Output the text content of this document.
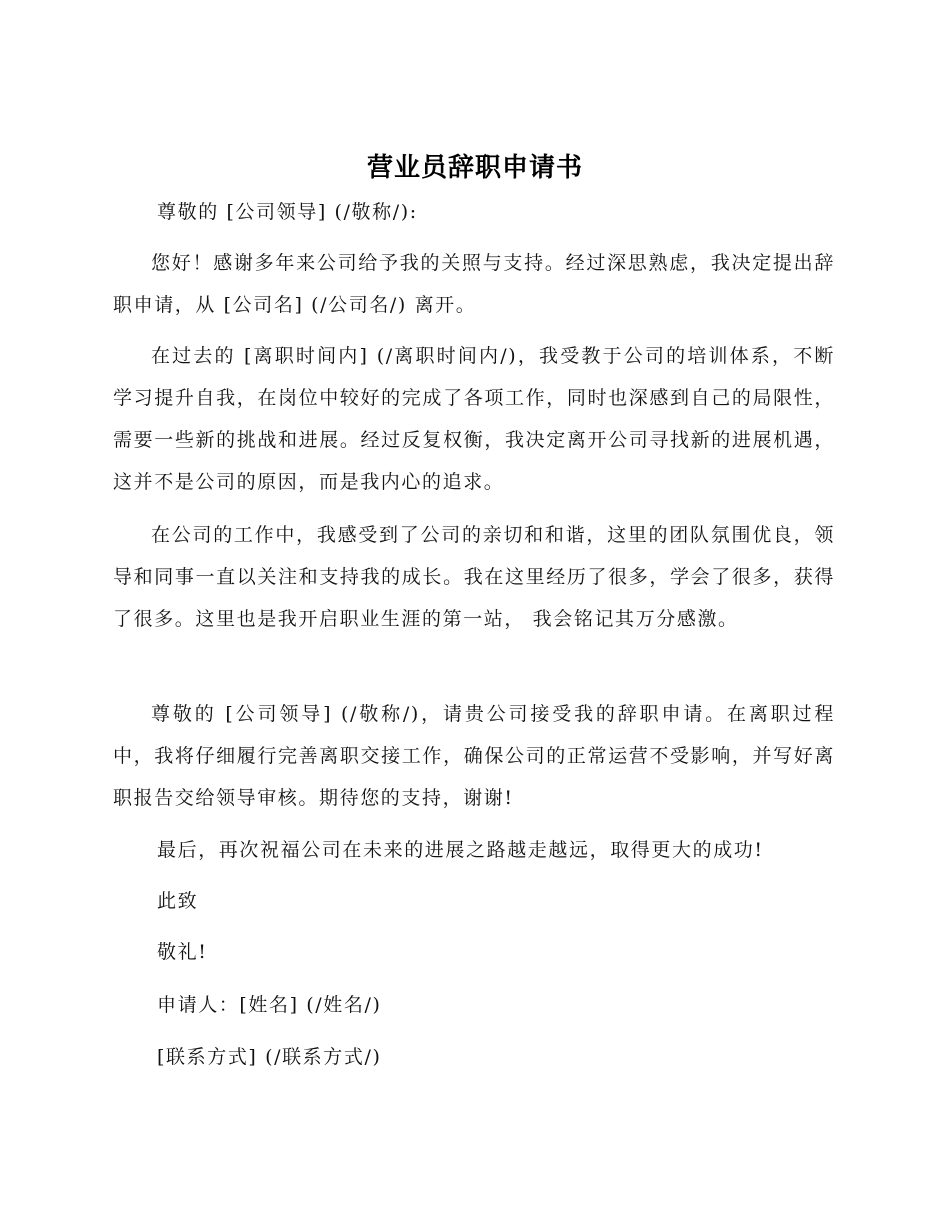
营业员辞职申请书

尊敬的 [公司领导] (/敬称/):

您好！感谢多年来公司给予我的关照与支持。经过深思熟虑，我决定提出辞职申请，从 [公司名] (/公司名/) 离开。

在过去的 [离职时间内] (/离职时间内/)，我受教于公司的培训体系，不断学习提升自我，在岗位中较好的完成了各项工作，同时也深感到自己的局限性，需要一些新的挑战和进展。经过反复权衡，我决定离开公司寻找新的进展机遇，这并不是公司的原因，而是我内心的追求。

在公司的工作中，我感受到了公司的亲切和和谐，这里的团队氛围优良，领导和同事一直以关注和支持我的成长。我在这里经历了很多，学会了很多，获得了很多。这里也是我开启职业生涯的第一站， 我会铭记其万分感激。

尊敬的 [公司领导] (/敬称/)，请贵公司接受我的辞职申请。在离职过程中，我将仔细履行完善离职交接工作，确保公司的正常运营不受影响，并写好离职报告交给领导审核。期待您的支持，谢谢!

最后，再次祝福公司在未来的进展之路越走越远，取得更大的成功!

此致

敬礼!

申请人：[姓名] (/姓名/)

[联系方式] (/联系方式/)
